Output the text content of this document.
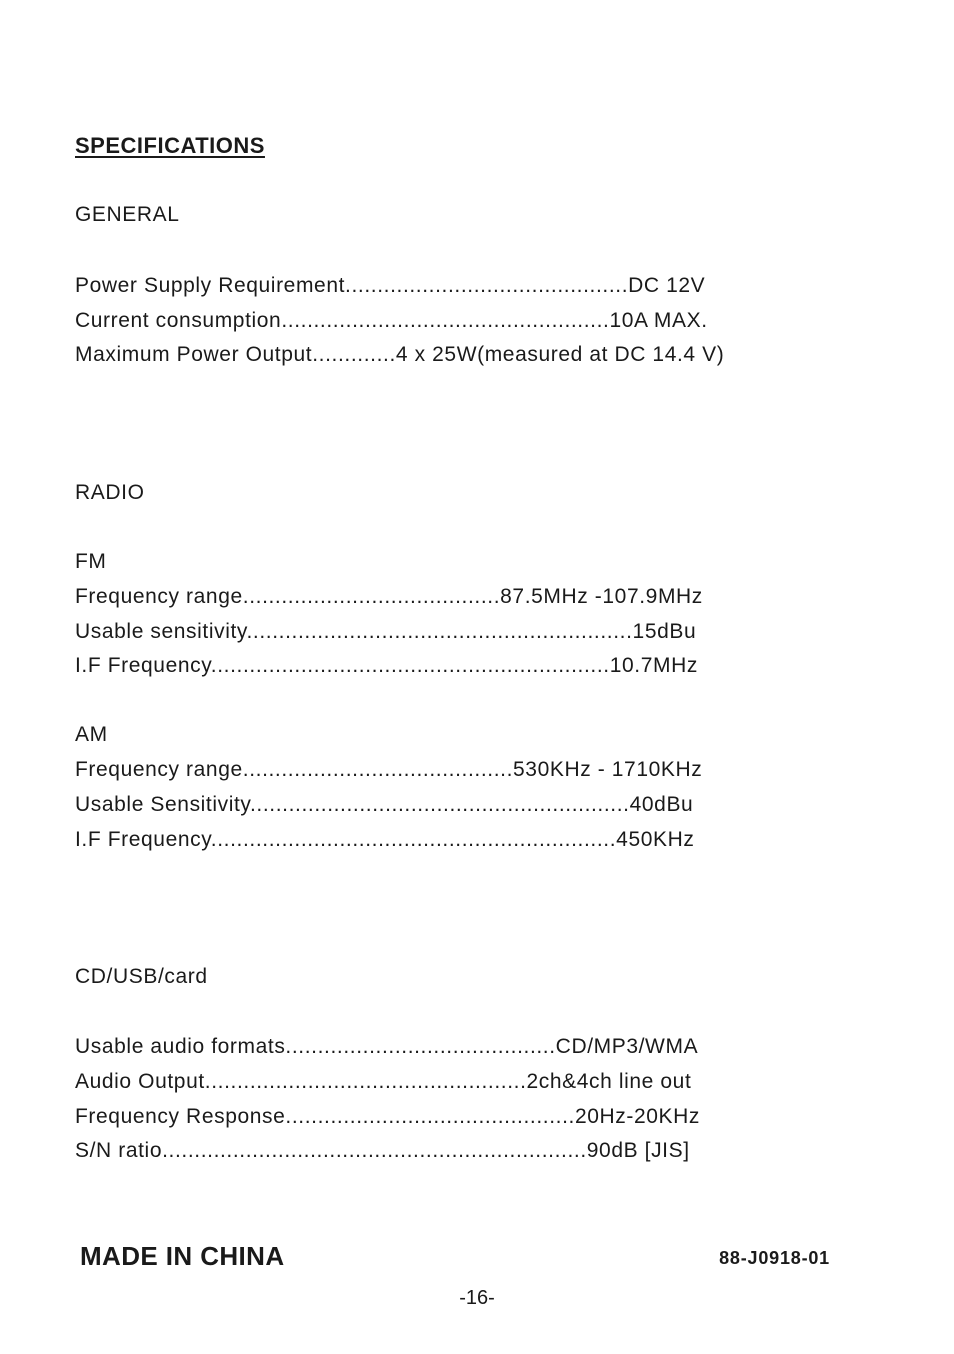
SPECIFICATIONS
GENERAL
Power Supply Requirement............................................DC 12V
Current consumption...................................................10A MAX.
Maximum Power Output.............4 x 25W(measured at DC 14.4 V)
RADIO
FM
Frequency range........................................87.5MHz -107.9MHz
Usable sensitivity............................................................15dBu
I.F Frequency..............................................................10.7MHz
AM
Frequency range..........................................530KHz - 1710KHz
Usable Sensitivity...........................................................40dBu
I.F Frequency...............................................................450KHz
CD/USB/card
Usable audio formats..........................................CD/MP3/WMA
Audio Output..................................................2ch&4ch line out
Frequency Response.............................................20Hz-20KHz
S/N ratio..................................................................90dB [JIS]
MADE IN CHINA	88-J0918-01
-16-
